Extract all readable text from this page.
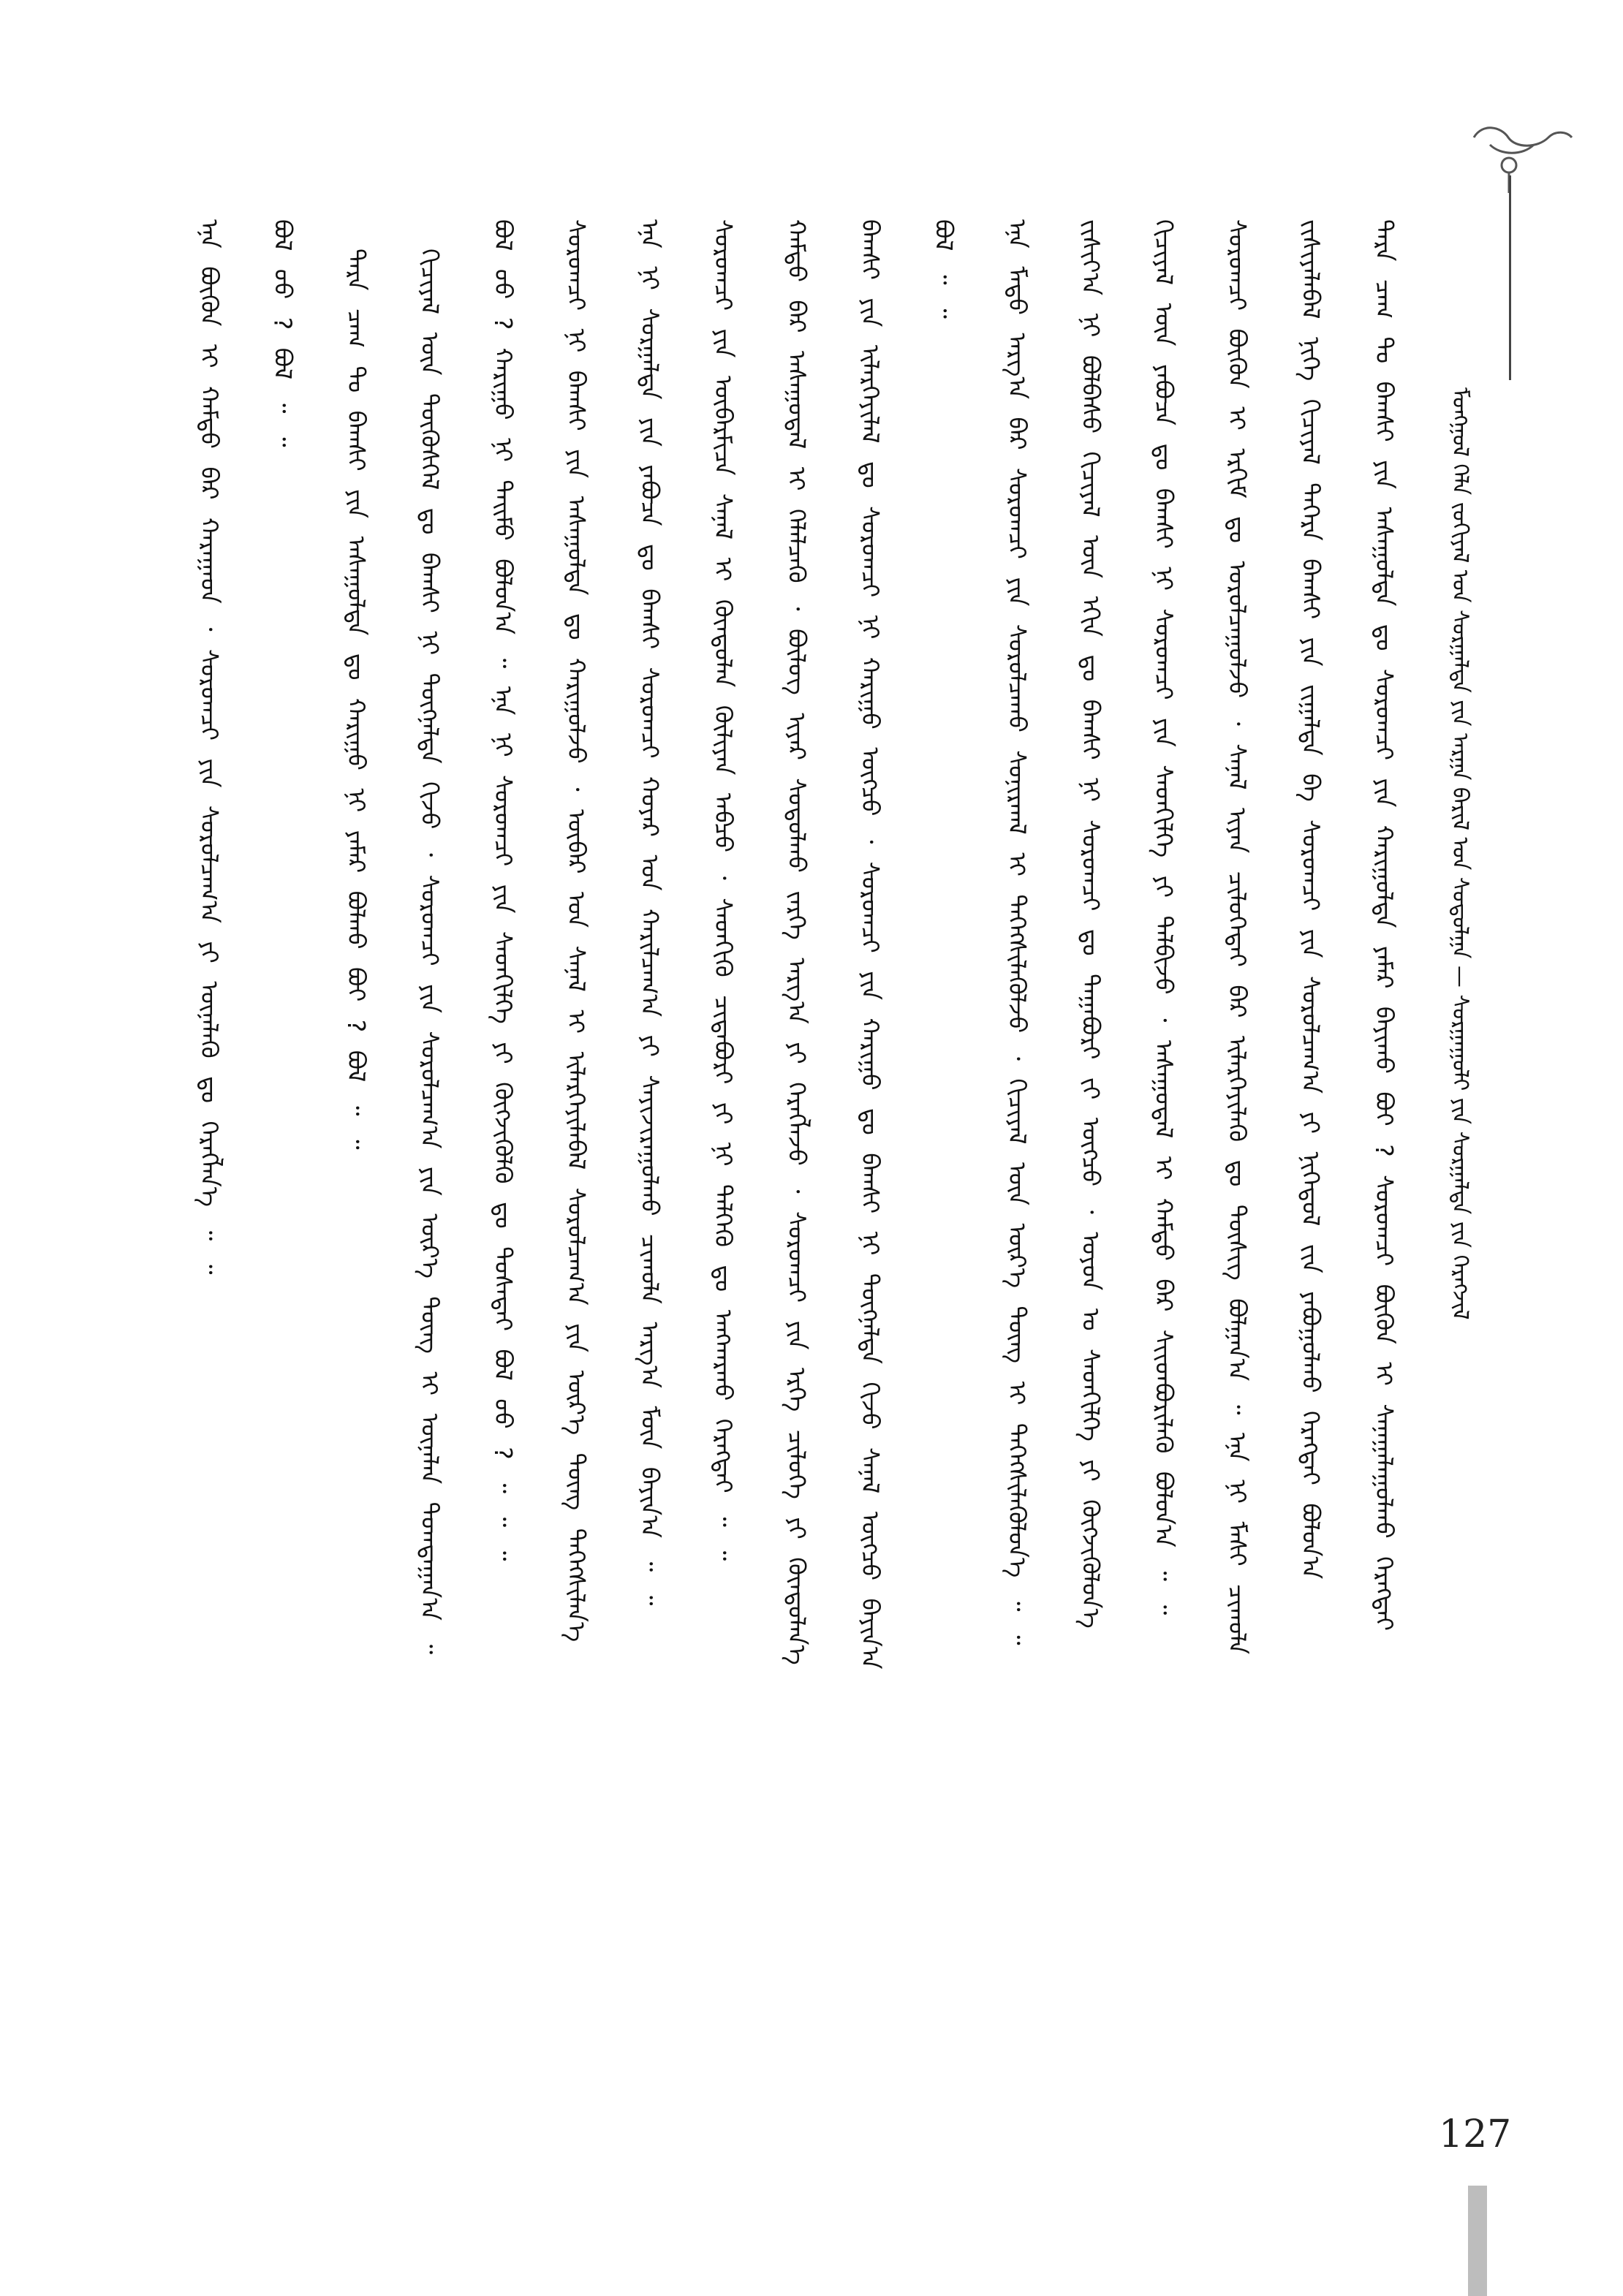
ᠮᠣᠩᠭᠣᠯ ᠬᠡᠯᠡ ᠵᠣᠬᠢᠶᠠᠯ ᠤᠨ ᠰᠤᠷᠭᠠᠯᠲᠠ ᠶᠢᠨ ᠠᠷᠭᠠ ᠪᠠᠷᠢᠯ ᠤᠨ ᠰᠤᠳᠤᠯᠭᠠ — ᠰᠤᠷᠭᠠᠭᠤᠯᠢ ᠶᠢᠨ ᠰᠤᠷᠭᠠᠯᠲᠠ ᠶᠢᠨ ᠬᠡᠷᠡᠭᠵᠢᠯ
ᠲᠡᠷᠡ ᠴᠠᠭ ᠲᠤ ᠪᠠᠭᠰᠢ ᠶᠢᠨ ᠠᠰᠠᠭᠤᠯᠲᠠ ᠳᠤ ᠰᠤᠷᠤᠭᠴᠢ ᠶᠢᠨ ᠬᠠᠷᠢᠭᠤᠯᠲᠠ ᠶᠠᠮᠠᠷ ᠪᠠᠶᠢᠬᠤ ᠪᠤᠢ ? ᠰᠤᠷᠤᠭᠴᠢ ᠪᠦᠬᠦᠨ ᠢ ᠰᠠᠨᠠᠭᠠᠯᠠᠭᠤᠯᠬᠤ ᠬᠡᠷᠡᠭᠲᠡᠢ
ᠵᠢᠱᠢᠶᠡᠯᠡᠪᠡᠯ ᠨᠢᠭᠡ ᠬᠢᠴᠢᠶᠡᠯ ᠳᠡᠭᠡᠷᠡ ᠪᠠᠭᠰᠢ ᠶᠢᠨ ᠵᠢᠭᠠᠯᠲᠠ ᠪᠠ ᠰᠤᠷᠤᠭᠴᠢ ᠶᠢᠨ ᠰᠤᠷᠤᠯᠴᠠᠭ᠎ᠠ ᠶᠢ ᠨᠢᠭᠡᠳᠦᠯ ᠵᠢᠨ ᠶᠠᠪᠤᠭᠤᠯᠬᠤ ᠬᠡᠷᠡᠭᠲᠡᠢ ᠪᠣᠯᠤᠨ᠎ᠠ
ᠰᠤᠷᠤᠭᠴᠢ ᠪᠦᠬᠦᠨ ᠢ ᠡᠷᠬᠢᠮ ᠳᠤ ᠣᠷᠤᠯᠴᠠᠭᠤᠯᠵᠤ ᠂ ᠰᠠᠨᠠᠯ ᠢᠶᠡᠨ ᠴᠢᠯᠦᠭᠡᠲᠡᠢ ᠪᠠᠷ ᠢᠯᠡᠷᠬᠡᠶᠢᠯᠡᠬᠦ ᠳᠤ ᠳᠦᠰᠢᠭ ᠪᠣᠯᠭᠠᠨ᠎ᠠ ᠃ ᠡᠨᠡ ᠨᠢ ᠮᠠᠰᠢ ᠴᠢᠬᠤᠯᠠ
ᠬᠢᠴᠢᠶᠡᠯ ᠦᠨ ᠶᠠᠪᠤᠴᠠ ᠳᠤ ᠪᠠᠭᠰᠢ ᠨᠢ ᠰᠤᠷᠤᠭᠴᠢ ᠶᠢᠨ ᠰᠡᠳᠬᠢᠯᠭᠡ ᠶᠢ ᠲᠠᠯᠪᠢᠵᠤ ᠂ ᠠᠰᠠᠭᠤᠳᠠᠯ ᠢ ᠬᠠᠮᠲᠤ ᠪᠡᠷ ᠰᠢᠢᠳᠪᠦᠷᠢᠯᠡᠬᠦ ᠪᠣᠯᠤᠨ᠎ᠠ ᠃ ᠃
ᠵᠢᠱᠢᠶ᠎ᠠ ᠨᠢ ᠪᠣᠯᠪᠠᠰᠤ ᠬᠢᠴᠢᠶᠡᠯ ᠦᠨ ᠡᠬᠢᠨ ᠳᠤ ᠪᠠᠭᠰᠢ ᠨᠢ ᠰᠤᠷᠤᠭᠴᠢ ᠳᠤ ᠳᠠᠭᠠᠪᠤᠷᠢ ᠵᠢ ᠥᠭᠴᠦ ᠂ ᠣᠶᠤᠨ ᠤ ᠰᠡᠳᠬᠢᠯᠭᠡ ᠶᠢ ᠬᠥᠭᠵᠢᠭᠦᠯᠦᠨ᠎ᠡ
ᠡᠨᠡ ᠮᠡᠲᠦ ᠠᠷᠭ᠎ᠠ ᠪᠠᠷ ᠰᠤᠷᠤᠭᠴᠢ ᠶᠢᠨ ᠰᠤᠷᠤᠯᠴᠠᠬᠤ ᠰᠣᠨᠢᠷᠬᠠᠯ ᠢ ᠳᠡᠭᠡᠭᠰᠢᠯᠡᠭᠦᠯᠵᠦ ᠂ ᠬᠢᠴᠢᠶᠡᠯ ᠦᠨ ᠦᠷ᠎ᠡ ᠳᠦᠩ ᠢ ᠳᠡᠭᠡᠭᠰᠢᠯᠡᠭᠦᠯᠦᠨ᠎ᠡ ᠃ ᠃
ᠪᠣᠯ ᠃ ᠃
ᠪᠠᠭᠰᠢ ᠶᠢᠨ ᠢᠯᠡᠷᠬᠡᠶᠢᠯᠡᠯ ᠳᠤ ᠰᠤᠷᠤᠭᠴᠢ ᠨᠢ ᠬᠠᠷᠢᠭᠤ ᠥᠭᠴᠦ ᠂ ᠰᠤᠷᠤᠭᠴᠢ ᠶᠢᠨ ᠬᠠᠷᠢᠭᠤ ᠳᠤ ᠪᠠᠭᠰᠢ ᠨᠢ ᠳᠦᠭᠨᠡᠯᠲᠡ ᠬᠢᠵᠦ ᠰᠠᠨᠠᠯ ᠥᠭᠴᠦ ᠪᠠᠶᠢᠨ᠎ᠠ
ᠬᠠᠮᠲᠤ ᠪᠡᠷ ᠠᠰᠠᠭᠤᠳᠠᠯ ᠢ ᠬᠡᠯᠡᠯᠴᠡᠬᠦ ᠂ ᠪᠦᠯᠦᠭ ᠢᠶᠡᠷ ᠰᠤᠳᠤᠯᠬᠤ ᠵᠡᠷᠭᠡ ᠠᠷᠭ᠎ᠠ ᠶᠢ ᠬᠡᠷᠡᠭᠯᠡᠵᠦ ᠂ ᠰᠤᠷᠤᠭᠴᠢ ᠶᠢᠨ ᠡᠷᠬᠡ ᠴᠢᠯᠦᠭᠡ ᠶᠢ ᠬᠦᠨᠳᠦᠯᠡᠨ᠎ᠡ
ᠰᠤᠷᠤᠭᠴᠢ ᠶᠢᠨ ᠥᠪᠡᠷᠮᠢᠴᠡ ᠰᠠᠨᠠᠯ ᠢ ᠬᠦᠨᠳᠦᠯᠡᠨ ᠬᠦᠯᠢᠶᠡᠨ ᠠᠪᠴᠤ ᠂ ᠰᠡᠳᠬᠢᠬᠦ ᠴᠢᠳᠠᠪᠤᠷᠢ ᠶᠢ ᠨᠢ ᠲᠡᠯᠬᠡᠬᠦ ᠳᠤ ᠠᠩᠬᠠᠷᠬᠤ ᠬᠡᠷᠡᠭᠲᠡᠢ ᠃ ᠃
ᠡᠨᠡ ᠨᠢ ᠰᠤᠷᠭᠠᠯᠲᠠ ᠶᠢᠨ ᠶᠠᠪᠤᠴᠠ ᠳᠤ ᠪᠠᠭᠰᠢ ᠰᠤᠷᠤᠭᠴᠢ ᠬᠣᠶᠠᠷ ᠤᠨ ᠬᠠᠷᠢᠯᠴᠠᠭ᠎ᠠ ᠶᠢ ᠰᠠᠶᠢᠵᠢᠷᠠᠭᠤᠯᠬᠤ ᠴᠢᠬᠤᠯᠠ ᠠᠷᠭ᠎ᠠ ᠮᠥᠨ ᠪᠠᠶᠢᠨ᠎ᠠ ᠃ ᠃
ᠰᠤᠷᠤᠭᠴᠢ ᠨᠢ ᠪᠠᠭᠰᠢ ᠶᠢᠨ ᠠᠰᠠᠭᠤᠯᠲᠠ ᠳᠤ ᠬᠠᠷᠢᠭᠤᠯᠵᠤ ᠂ ᠥᠪᠡᠷ ᠤᠨ ᠰᠠᠨᠠᠯ ᠢ ᠢᠯᠡᠷᠬᠡᠶᠢᠯᠡᠪᠡᠯ ᠰᠤᠷᠤᠯᠴᠠᠭ᠎ᠠ ᠶᠢᠨ ᠦᠷ᠎ᠡ ᠳᠦᠩ ᠳᠡᠭᠡᠭᠰᠢᠯᠡᠨ᠎ᠡ
ᠪᠣᠯ ᠤᠤ ? ᠬᠠᠷᠢᠭᠤ ᠨᠢ ᠲᠡᠢᠮᠦ ᠪᠣᠯᠤᠨ᠎ᠠ ᠃ ᠡᠨᠡ ᠨᠢ ᠰᠤᠷᠤᠭᠴᠢ ᠶᠢᠨ ᠰᠡᠳᠬᠢᠯᠭᠡ ᠶᠢ ᠬᠥᠭᠵᠢᠭᠦᠯᠬᠦ ᠳᠤ ᠲᠤᠰᠠᠲᠠᠢ ᠪᠣᠯ ᠤᠤ ? ᠃ ᠃ ᠃
ᠬᠢᠴᠢᠶᠡᠯ ᠦᠨ ᠲᠥᠭᠦᠰᠬᠡᠯ ᠳᠤ ᠪᠠᠭᠰᠢ ᠨᠢ ᠳᠦᠭᠨᠡᠯᠲᠡ ᠬᠢᠵᠦ ᠂ ᠰᠤᠷᠤᠭᠴᠢ ᠶᠢᠨ ᠰᠤᠷᠤᠯᠴᠠᠭ᠎ᠠ ᠶᠢᠨ ᠦᠷ᠎ᠡ ᠳᠦᠩ ᠢ ᠦᠨᠡᠯᠡᠨ ᠲᠣᠭᠲᠠᠭᠠᠨ᠎ᠠ ᠃
ᠲᠡᠷᠡ ᠴᠠᠭ ᠲᠤ ᠪᠠᠭᠰᠢ ᠶᠢᠨ ᠠᠰᠠᠭᠤᠯᠲᠠ ᠳᠤ ᠬᠠᠷᠢᠭᠤ ᠨᠢ ᠶᠠᠮᠠᠷ ᠪᠣᠯᠬᠤ ᠪᠤᠢ ? ᠪᠣᠯ ᠃ ᠃
ᠪᠣᠯ ᠤᠤ ? ᠪᠣᠯ ᠃ ᠃
ᠡᠨᠡ ᠪᠦᠬᠦᠨ ᠢ ᠬᠠᠮᠲᠤ ᠪᠡᠷ ᠬᠠᠷᠠᠭᠠᠳ ᠂ ᠰᠤᠷᠤᠭᠴᠢ ᠶᠢᠨ ᠰᠤᠷᠤᠯᠴᠠᠭ᠎ᠠ ᠶᠢ ᠦᠨᠡᠯᠡᠬᠦ ᠳᠤ ᠬᠡᠷᠡᠭᠯᠡᠨ᠎ᠡ ᠃ ᠃
127
